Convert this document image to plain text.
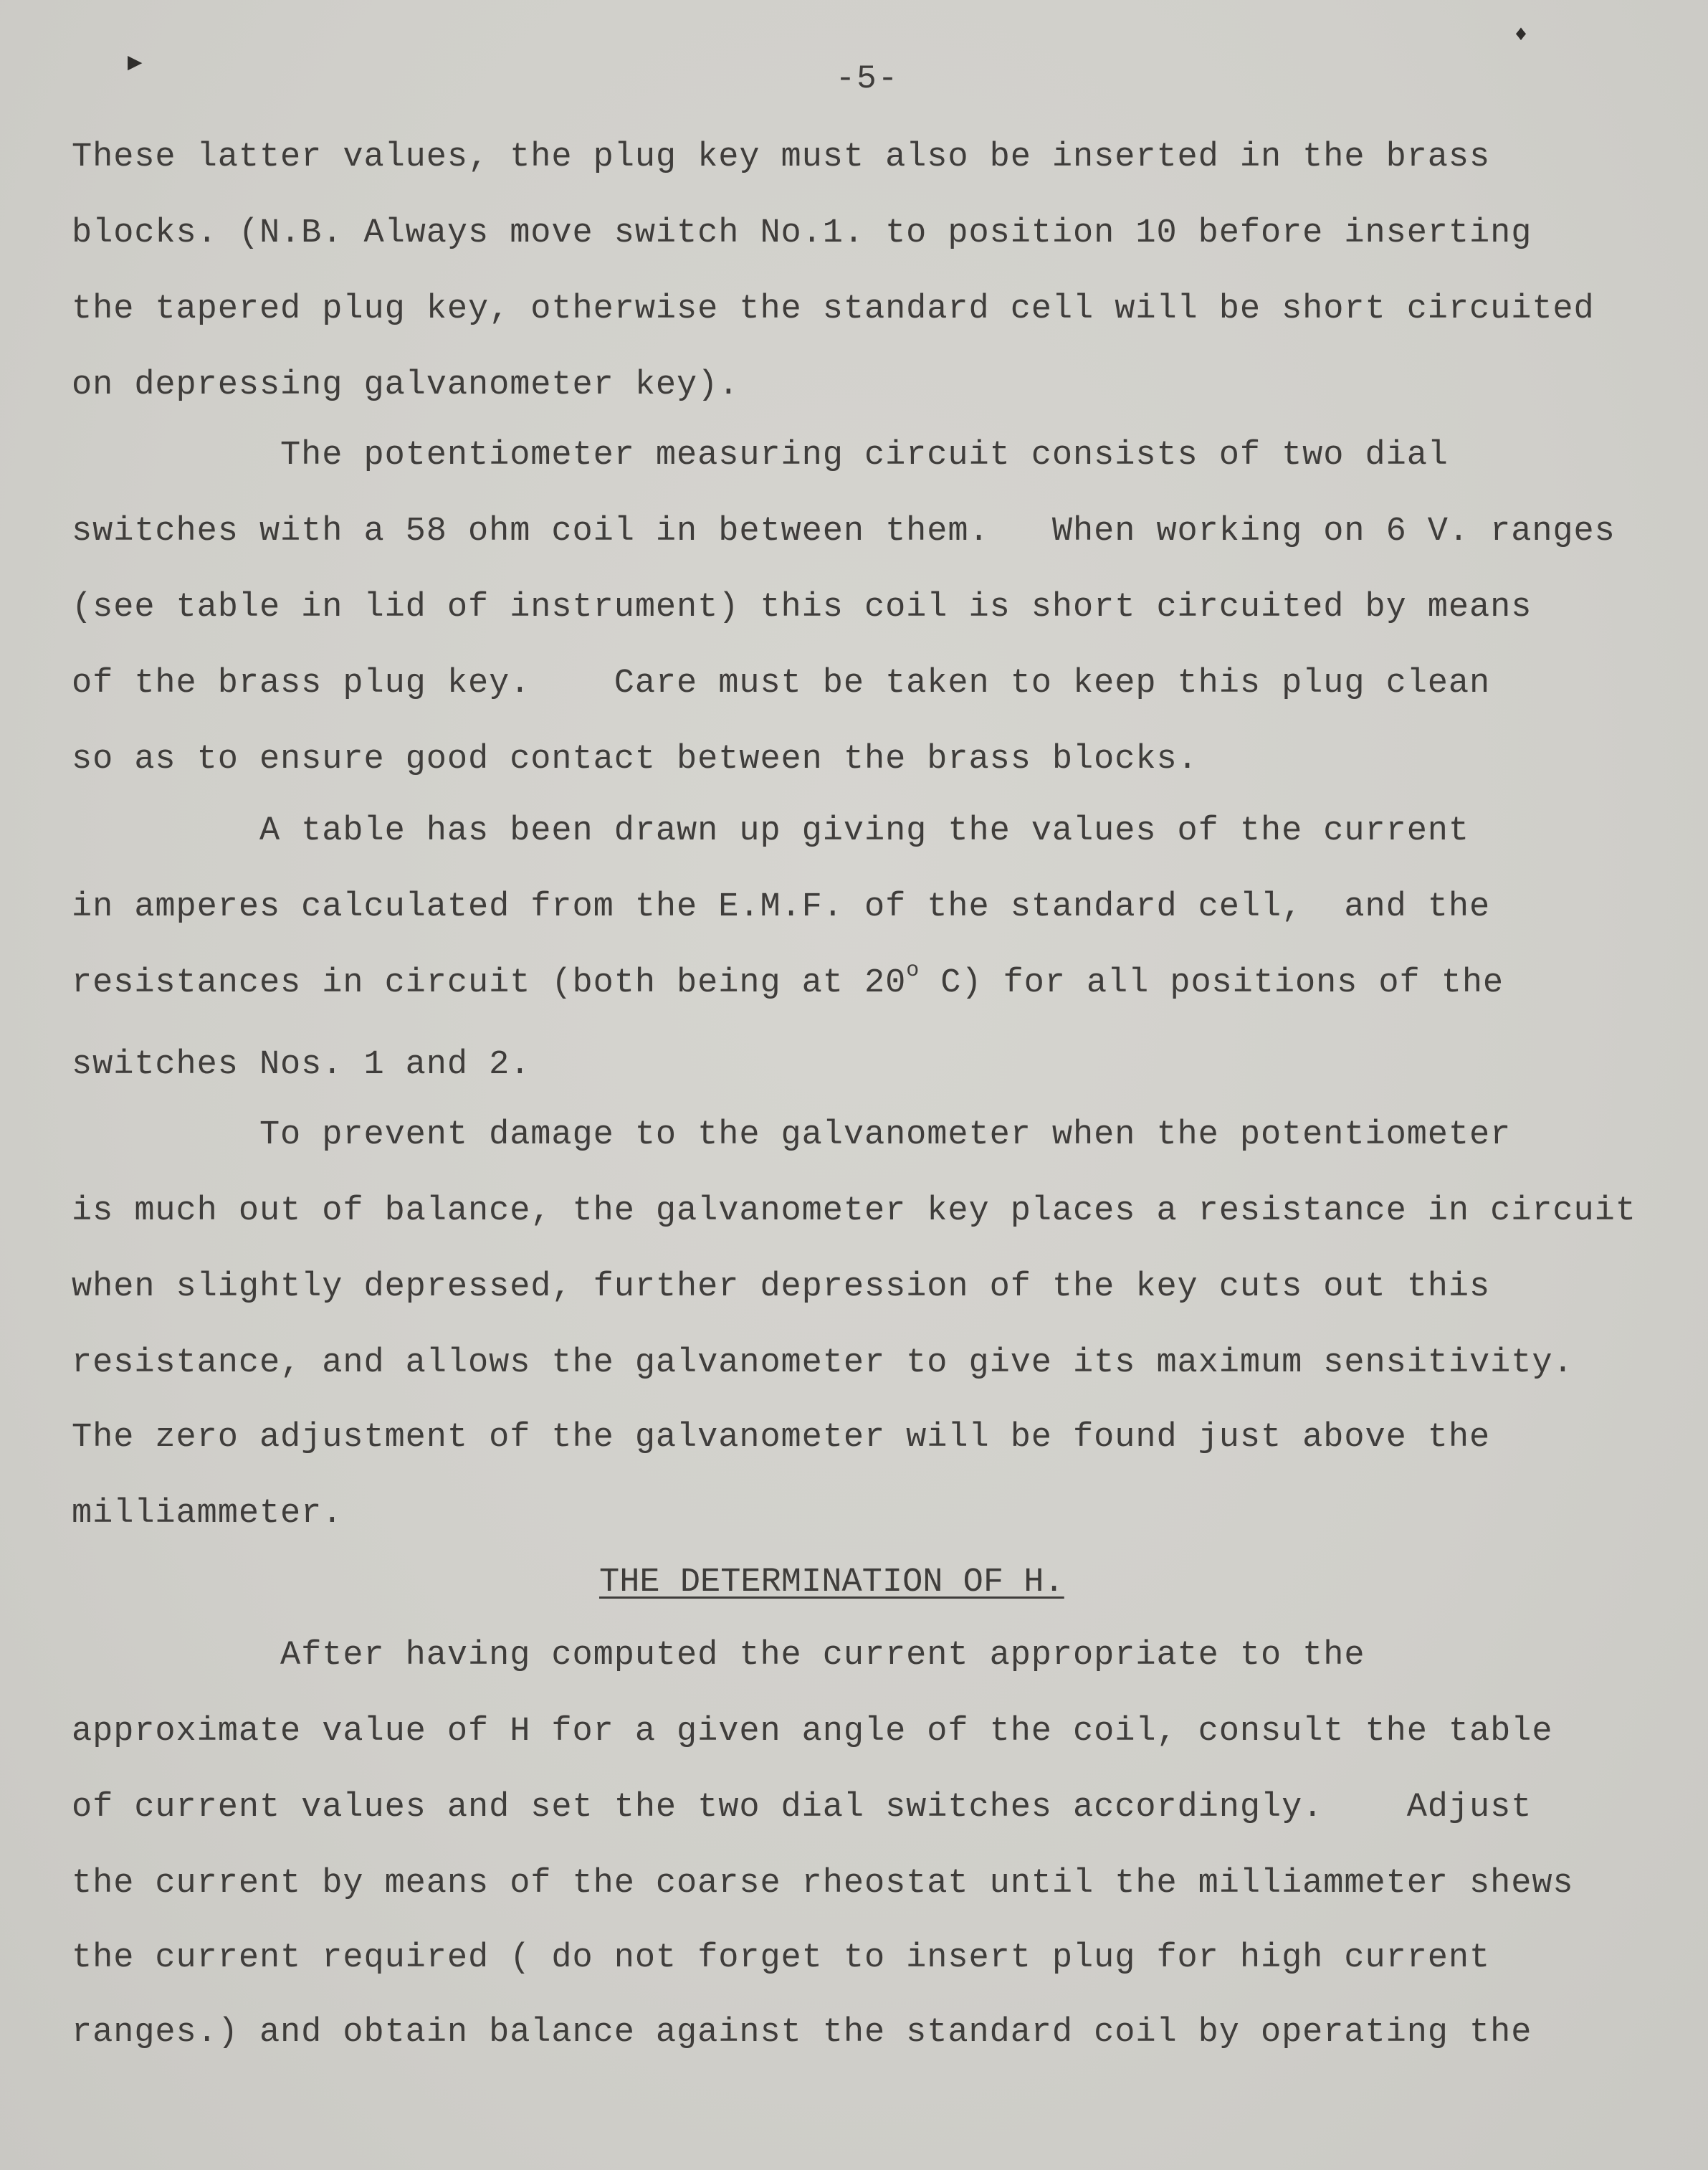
▶
♦
-5-
These latter values, the plug key must also be inserted in the brass
blocks. (N.B. Always move switch No.1. to position 10 before inserting
the tapered plug key, otherwise the standard cell will be short circuited
on depressing galvanometer key).
The potentiometer measuring circuit consists of two dial
switches with a 58 ohm coil in between them.   When working on 6 V. ranges
(see table in lid of instrument) this coil is short circuited by means
of the brass plug key.    Care must be taken to keep this plug clean
so as to ensure good contact between the brass blocks.
A table has been drawn up giving the values of the current
in amperes calculated from the E.M.F. of the standard cell,  and the
resistances in circuit (both being at 20$^o$ C) for all positions of the
switches Nos. 1 and 2.
To prevent damage to the galvanometer when the potentiometer
is much out of balance, the galvanometer key places a resistance in circuit
when slightly depressed, further depression of the key cuts out this
resistance, and allows the galvanometer to give its maximum sensitivity.
The zero adjustment of the galvanometer will be found just above the
milliammeter.
THE DETERMINATION OF H.
After having computed the current appropriate to the
approximate value of H for a given angle of the coil, consult the table
of current values and set the two dial switches accordingly.    Adjust
the current by means of the coarse rheostat until the milliammeter shews
the current required ( do not forget to insert plug for high current
ranges.) and obtain balance against the standard coil by operating the
